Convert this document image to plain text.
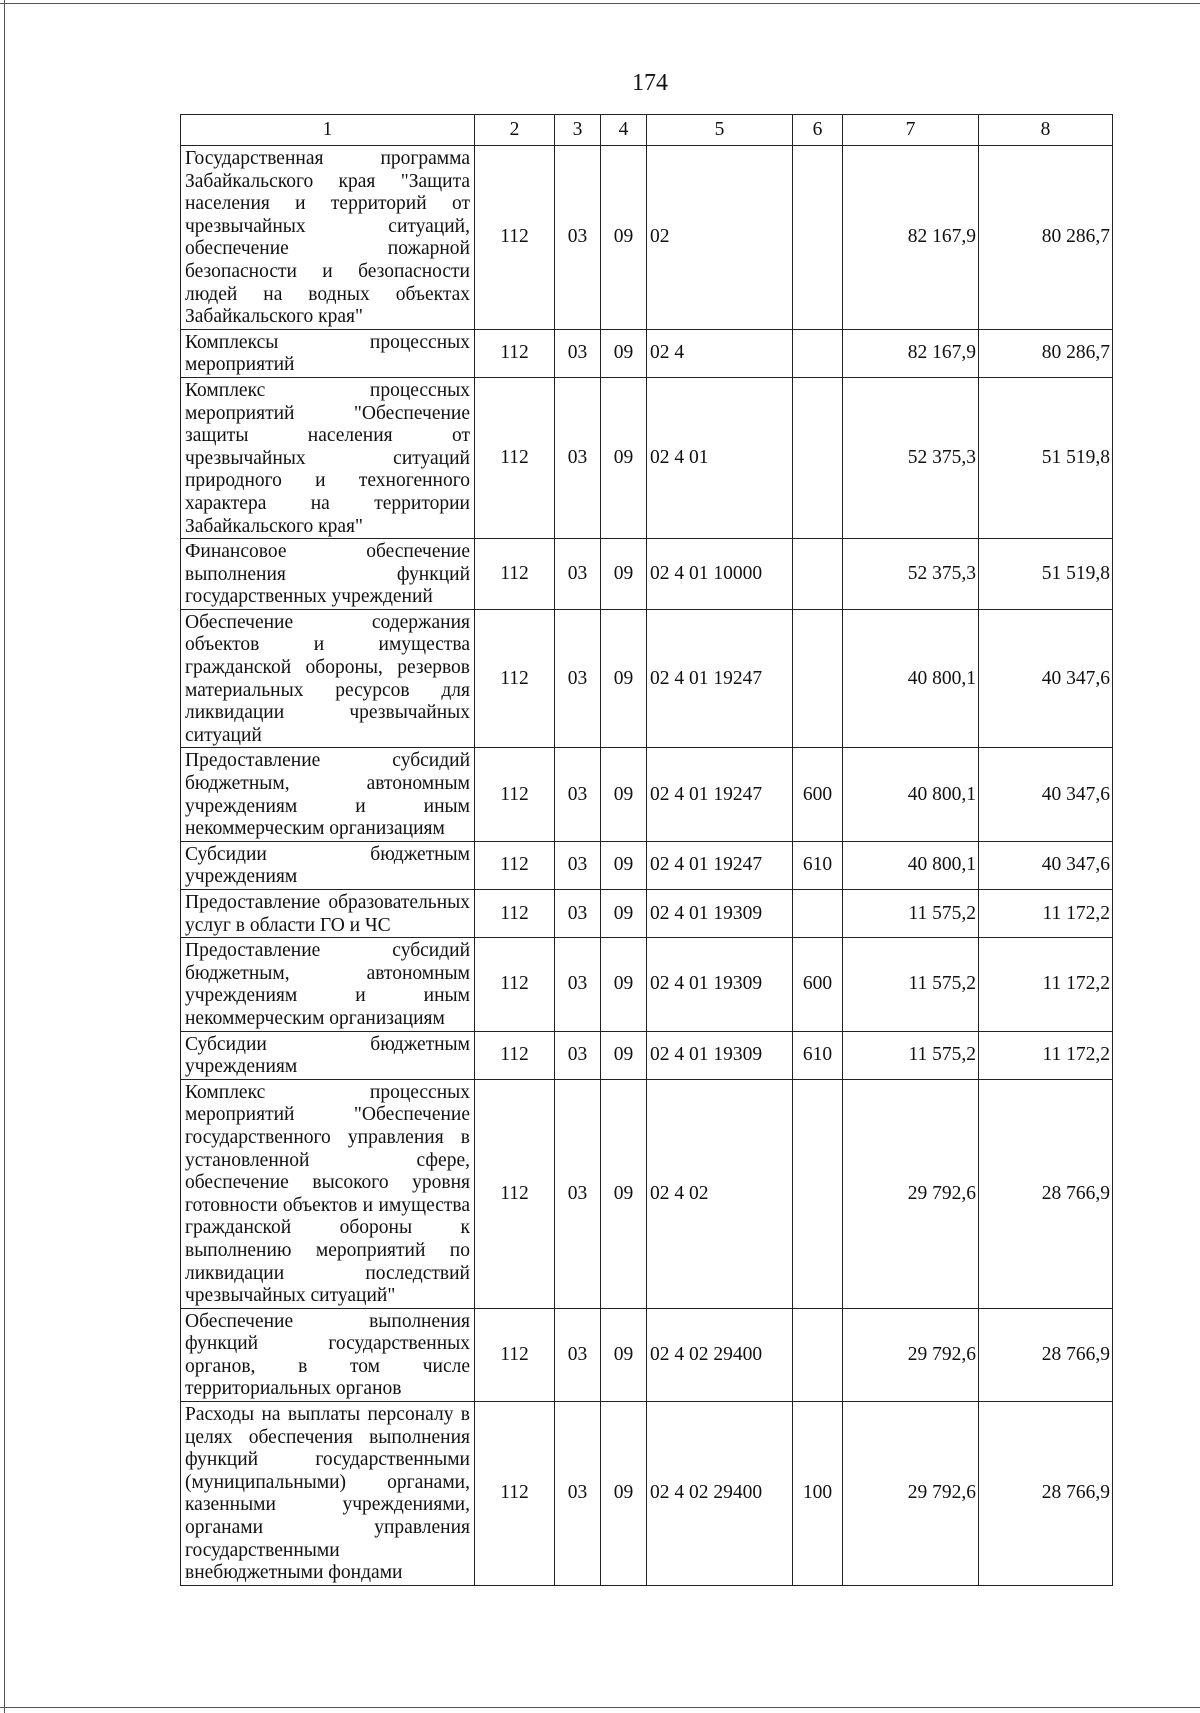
174
1	2	3	4	5	6	7	8
Государственная программа Забайкальского края "Защита населения и территорий от чрезвычайных ситуаций, обеспечение пожарной безопасности и безопасности людей на водных объектах Забайкальского края"	112	03	09	02		82 167,9	80 286,7
Комплексы процессных мероприятий	112	03	09	02 4		82 167,9	80 286,7
Комплекс процессных мероприятий "Обеспечение защиты населения от чрезвычайных ситуаций природного и техногенного характера на территории Забайкальского края"	112	03	09	02 4 01		52 375,3	51 519,8
Финансовое обеспечение выполнения функций государственных учреждений	112	03	09	02 4 01 10000		52 375,3	51 519,8
Обеспечение содержания объектов и имущества гражданской обороны, резервов материальных ресурсов для ликвидации чрезвычайных ситуаций	112	03	09	02 4 01 19247		40 800,1	40 347,6
Предоставление субсидий бюджетным, автономным учреждениям и иным некоммерческим организациям	112	03	09	02 4 01 19247	600	40 800,1	40 347,6
Субсидии бюджетным учреждениям	112	03	09	02 4 01 19247	610	40 800,1	40 347,6
Предоставление образовательных услуг в области ГО и ЧС	112	03	09	02 4 01 19309		11 575,2	11 172,2
Предоставление субсидий бюджетным, автономным учреждениям и иным некоммерческим организациям	112	03	09	02 4 01 19309	600	11 575,2	11 172,2
Субсидии бюджетным учреждениям	112	03	09	02 4 01 19309	610	11 575,2	11 172,2
Комплекс процессных мероприятий "Обеспечение государственного управления в установленной сфере, обеспечение высокого уровня готовности объектов и имущества гражданской обороны к выполнению мероприятий по ликвидации последствий чрезвычайных ситуаций"	112	03	09	02 4 02		29 792,6	28 766,9
Обеспечение выполнения функций государственных органов, в том числе территориальных органов	112	03	09	02 4 02 29400		29 792,6	28 766,9
Расходы на выплаты персоналу в целях обеспечения выполнения функций государственными (муниципальными) органами, казенными учреждениями, органами управления государственными внебюджетными фондами	112	03	09	02 4 02 29400	100	29 792,6	28 766,9
